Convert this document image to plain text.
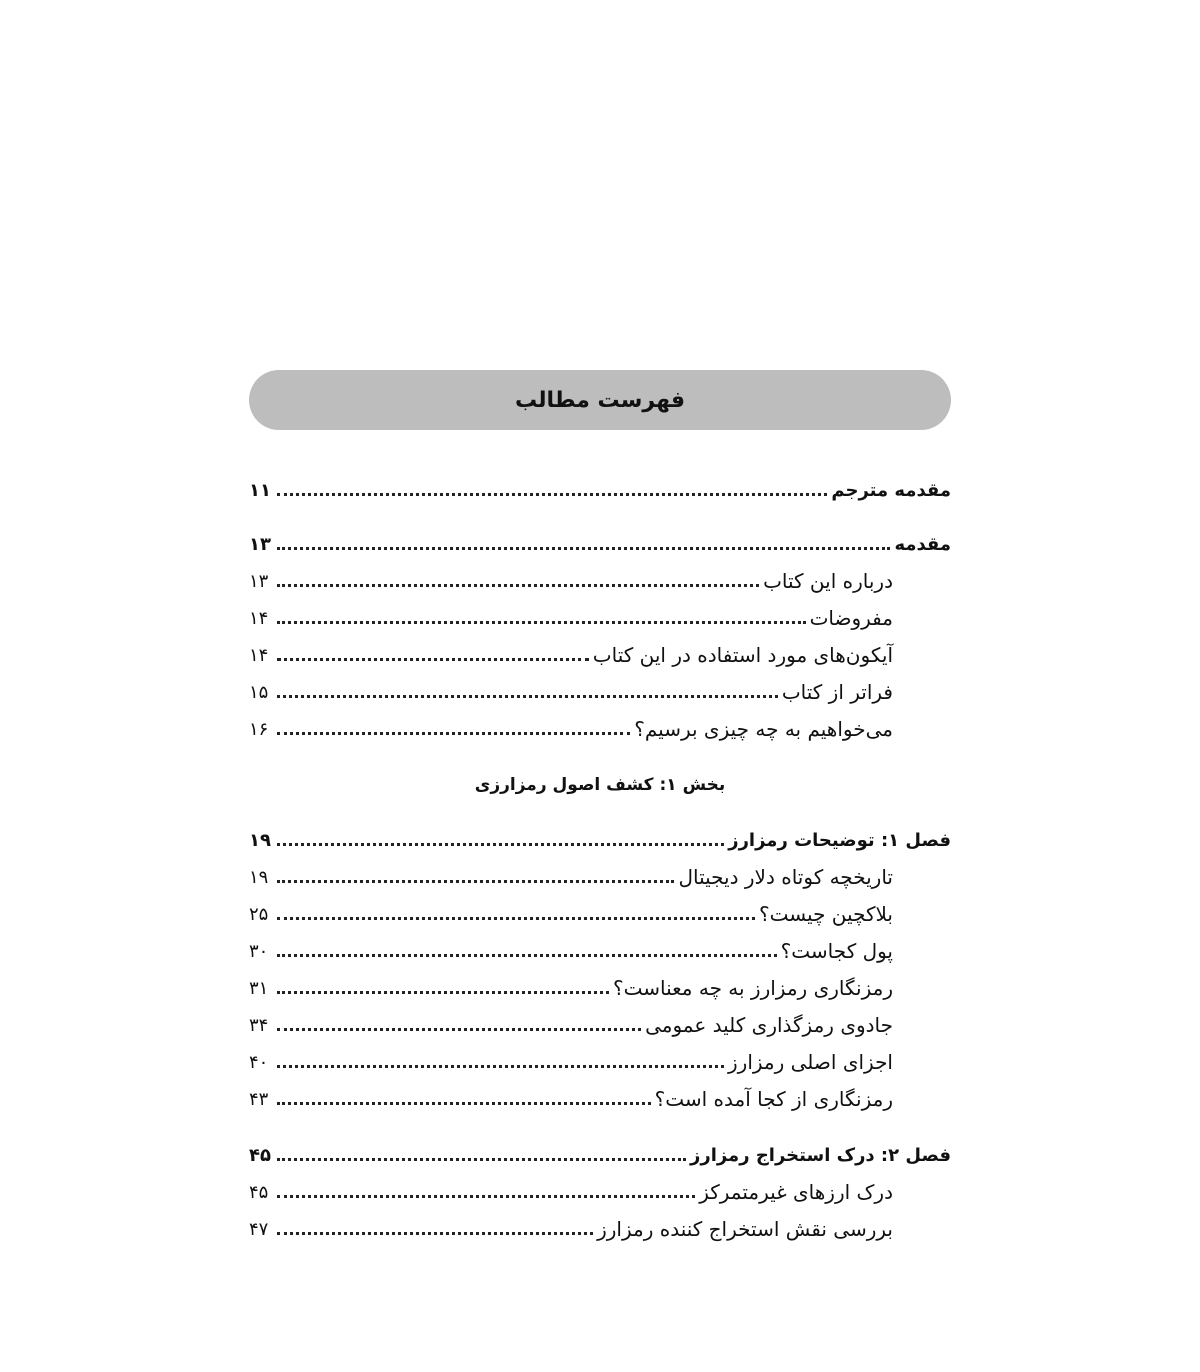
فهرست مطالب
مقدمه مترجم
۱۱
مقدمه
۱۳
درباره این کتاب
۱۳
مفروضات
۱۴
آیکون‌های مورد استفاده در این کتاب
۱۴
فراتر از کتاب
۱۵
می‌خواهیم به چه چیزی برسیم؟
۱۶
بخش ۱: کشف اصول رمزارزی
فصل ۱: توضیحات رمزارز
۱۹
تاریخچه کوتاه دلار دیجیتال
۱۹
بلاکچین چیست؟
۲۵
پول کجاست؟
۳۰
رمزنگاری رمزارز به چه معناست؟
۳۱
جادوی رمزگذاری کلید عمومی
۳۴
اجزای اصلی رمزارز
۴۰
رمزنگاری از کجا آمده است؟
۴۳
فصل ۲: درک استخراج رمزارز
۴۵
درک ارزهای غیرمتمرکز
۴۵
بررسی نقش استخراج کننده رمزارز
۴۷
